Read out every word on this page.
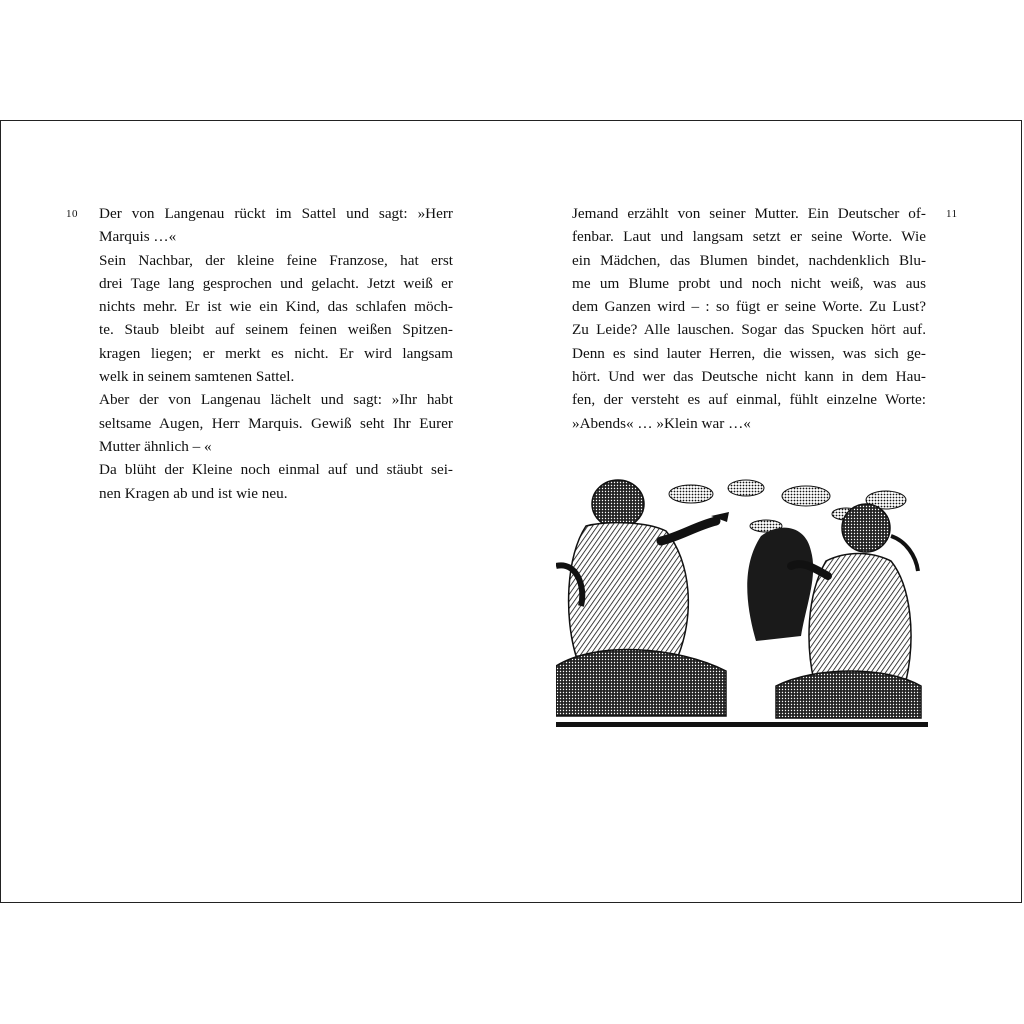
10	11
Der von Langenau rückt im Sattel und sagt: »Herr
Marquis …«
Sein Nachbar, der kleine feine Franzose, hat erst
drei Tage lang gesprochen und gelacht. Jetzt weiß er
nichts mehr. Er ist wie ein Kind, das schlafen möch-
te. Staub bleibt auf seinem feinen weißen Spitzen-
kragen liegen; er merkt es nicht. Er wird langsam
welk in seinem samtenen Sattel.
Aber der von Langenau lächelt und sagt: »Ihr habt
seltsame Augen, Herr Marquis. Gewiß seht Ihr Eurer
Mutter ähnlich – «
Da blüht der Kleine noch einmal auf und stäubt sei-
nen Kragen ab und ist wie neu.
Jemand erzählt von seiner Mutter. Ein Deutscher of-
fenbar. Laut und langsam setzt er seine Worte. Wie
ein Mädchen, das Blumen bindet, nachdenklich Blu-
me um Blume probt und noch nicht weiß, was aus
dem Ganzen wird – : so fügt er seine Worte. Zu Lust?
Zu Leide? Alle lauschen. Sogar das Spucken hört auf.
Denn es sind lauter Herren, die wissen, was sich ge-
hört. Und wer das Deutsche nicht kann in dem Hau-
fen, der versteht es auf einmal, fühlt einzelne Worte:
»Abends« … »Klein war …«
